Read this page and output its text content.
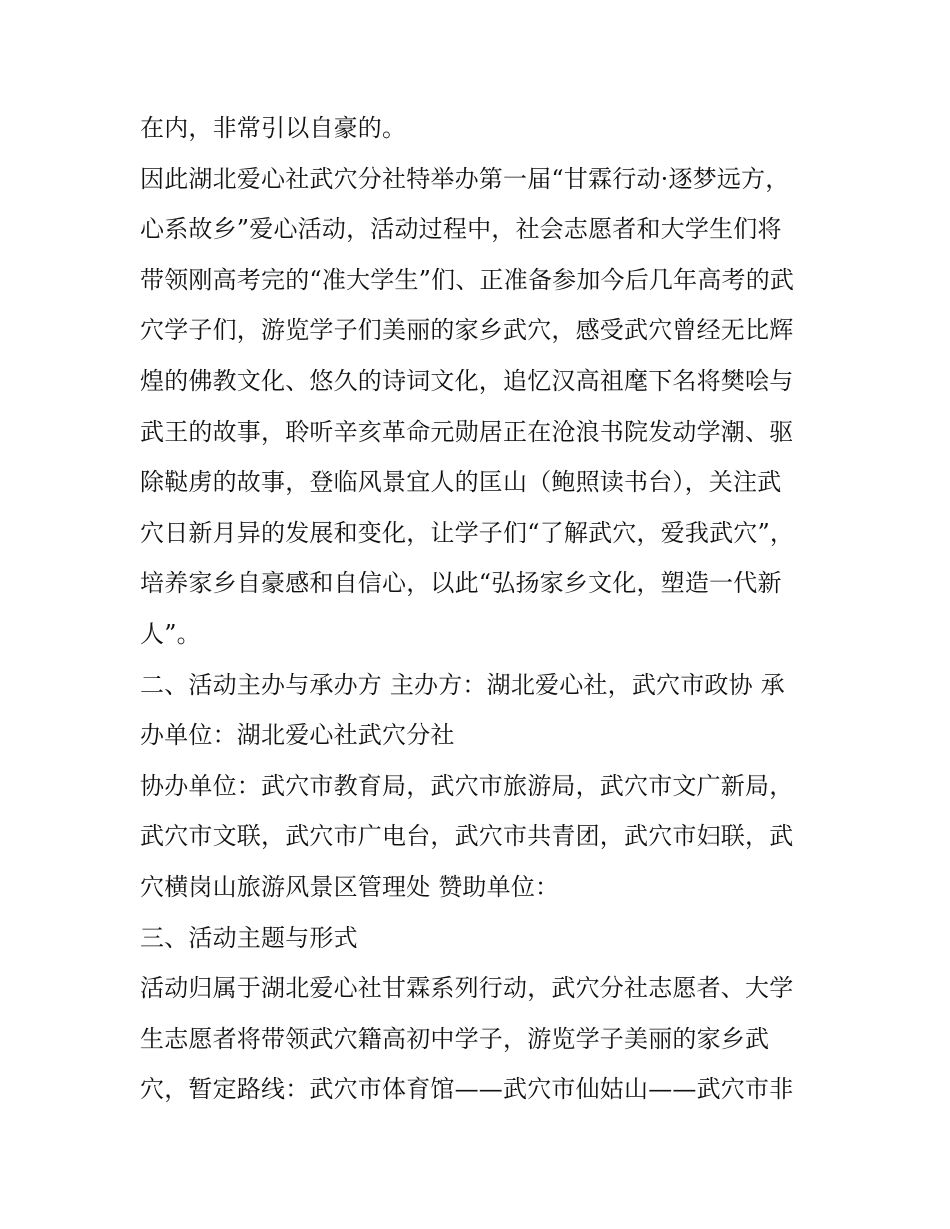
在内，非常引以自豪的。
因此湖北爱心社武穴分社特举办第一届“甘霖行动·逐梦远方，
心系故乡”爱心活动，活动过程中，社会志愿者和大学生们将
带领刚高考完的“准大学生”们、正准备参加今后几年高考的武
穴学子们，游览学子们美丽的家乡武穴，感受武穴曾经无比辉
煌的佛教文化、悠久的诗词文化，追忆汉高祖麾下名将樊哙与
武王的故事，聆听辛亥革命元勋居正在沧浪书院发动学潮、驱
除鞑虏的故事，登临风景宜人的匡山（鲍照读书台），关注武
穴日新月异的发展和变化，让学子们“了解武穴，爱我武穴”，
培养家乡自豪感和自信心，以此“弘扬家乡文化，塑造一代新
人”。
二、活动主办与承办方 主办方：湖北爱心社，武穴市政协 承
办单位：湖北爱心社武穴分社
协办单位：武穴市教育局，武穴市旅游局，武穴市文广新局，
武穴市文联，武穴市广电台，武穴市共青团，武穴市妇联，武
穴横岗山旅游风景区管理处 赞助单位：
三、活动主题与形式
活动归属于湖北爱心社甘霖系列行动，武穴分社志愿者、大学
生志愿者将带领武穴籍高初中学子，游览学子美丽的家乡武
穴，暂定路线：武穴市体育馆——武穴市仙姑山——武穴市非
